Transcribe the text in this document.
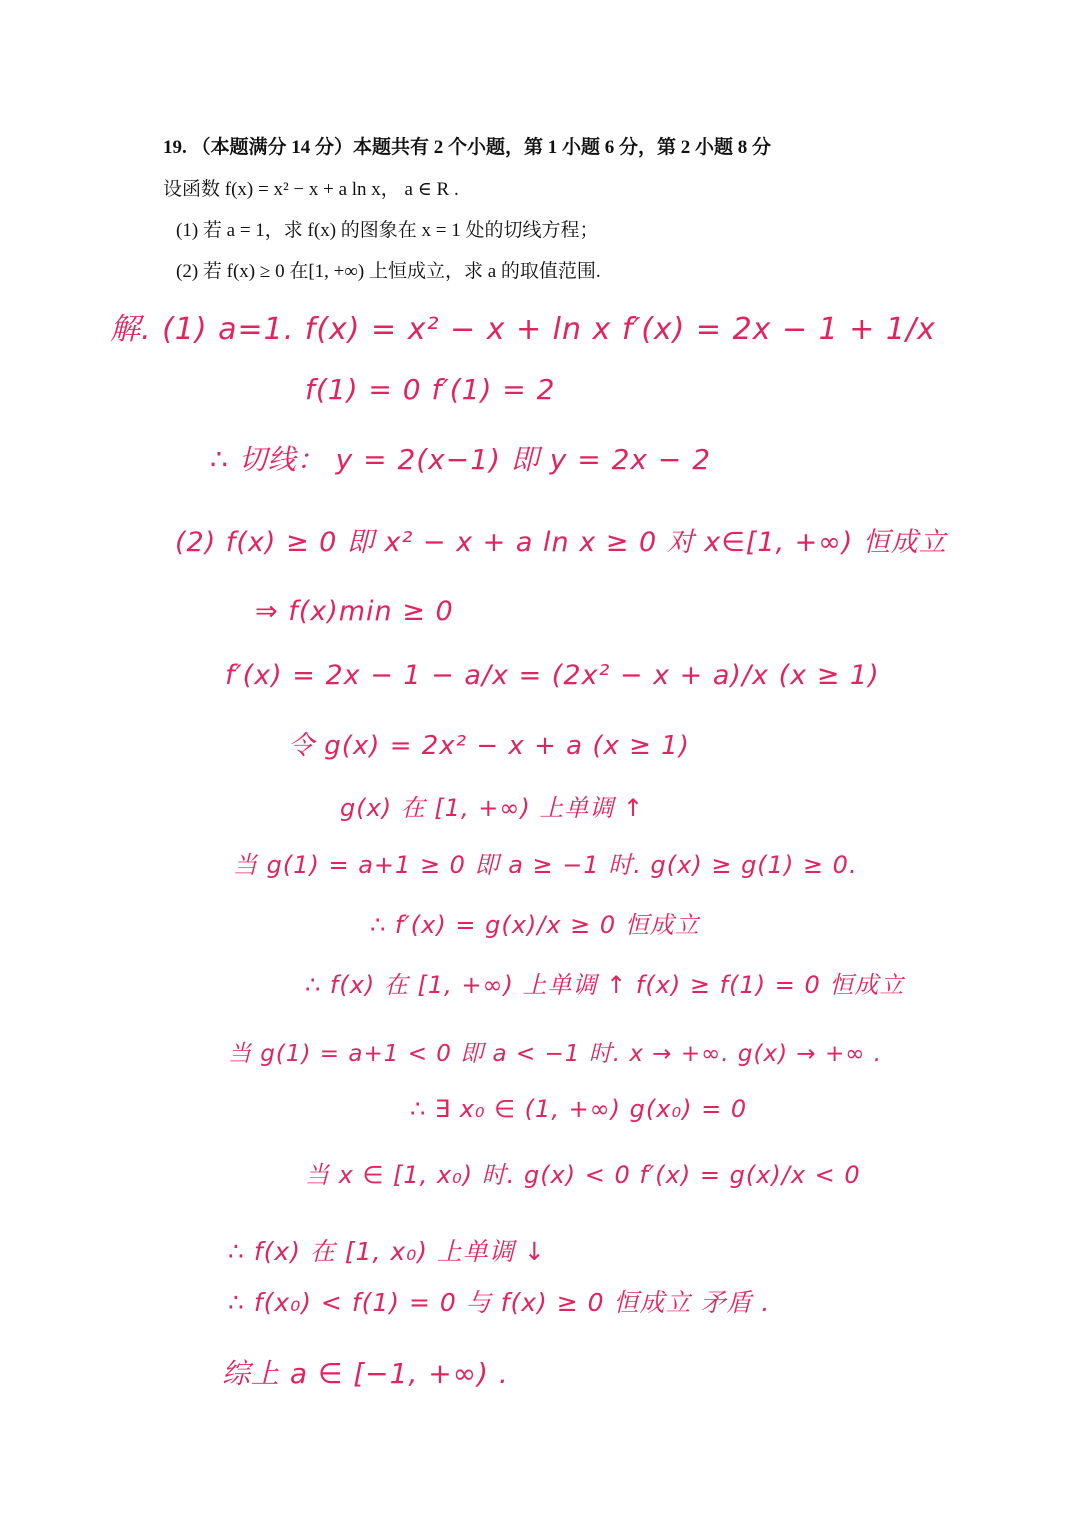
19. （本题满分 14 分）本题共有 2 个小题，第 1 小题 6 分，第 2 小题 8 分
设函数 f(x) = x² − x + a ln x， a ∈ R .
(1) 若 a = 1，求 f(x) 的图象在 x = 1 处的切线方程；
(2) 若 f(x) ≥ 0 在[1, +∞) 上恒成立，求 a 的取值范围.
解. (1) a=1. f(x) = x² − x + ln x f′(x) = 2x − 1 + 1/x
f(1) = 0 f′(1) = 2
∴ 切线： y = 2(x−1) 即 y = 2x − 2
(2) f(x) ≥ 0 即 x² − x + a ln x ≥ 0 对 x∈[1, +∞) 恒成立
⇒ f(x)min ≥ 0
f′(x) = 2x − 1 − a/x = (2x² − x + a)/x (x ≥ 1)
令 g(x) = 2x² − x + a (x ≥ 1)
g(x) 在 [1, +∞) 上单调 ↑
当 g(1) = a+1 ≥ 0 即 a ≥ −1 时. g(x) ≥ g(1) ≥ 0.
∴ f′(x) = g(x)/x ≥ 0 恒成立
∴ f(x) 在 [1, +∞) 上单调 ↑ f(x) ≥ f(1) = 0 恒成立
当 g(1) = a+1 < 0 即 a < −1 时. x → +∞. g(x) → +∞ .
∴ ∃ x₀ ∈ (1, +∞) g(x₀) = 0
当 x ∈ [1, x₀) 时. g(x) < 0 f′(x) = g(x)/x < 0
∴ f(x) 在 [1, x₀) 上单调 ↓
∴ f(x₀) < f(1) = 0 与 f(x) ≥ 0 恒成立 矛盾 .
综上 a ∈ [−1, +∞) .
